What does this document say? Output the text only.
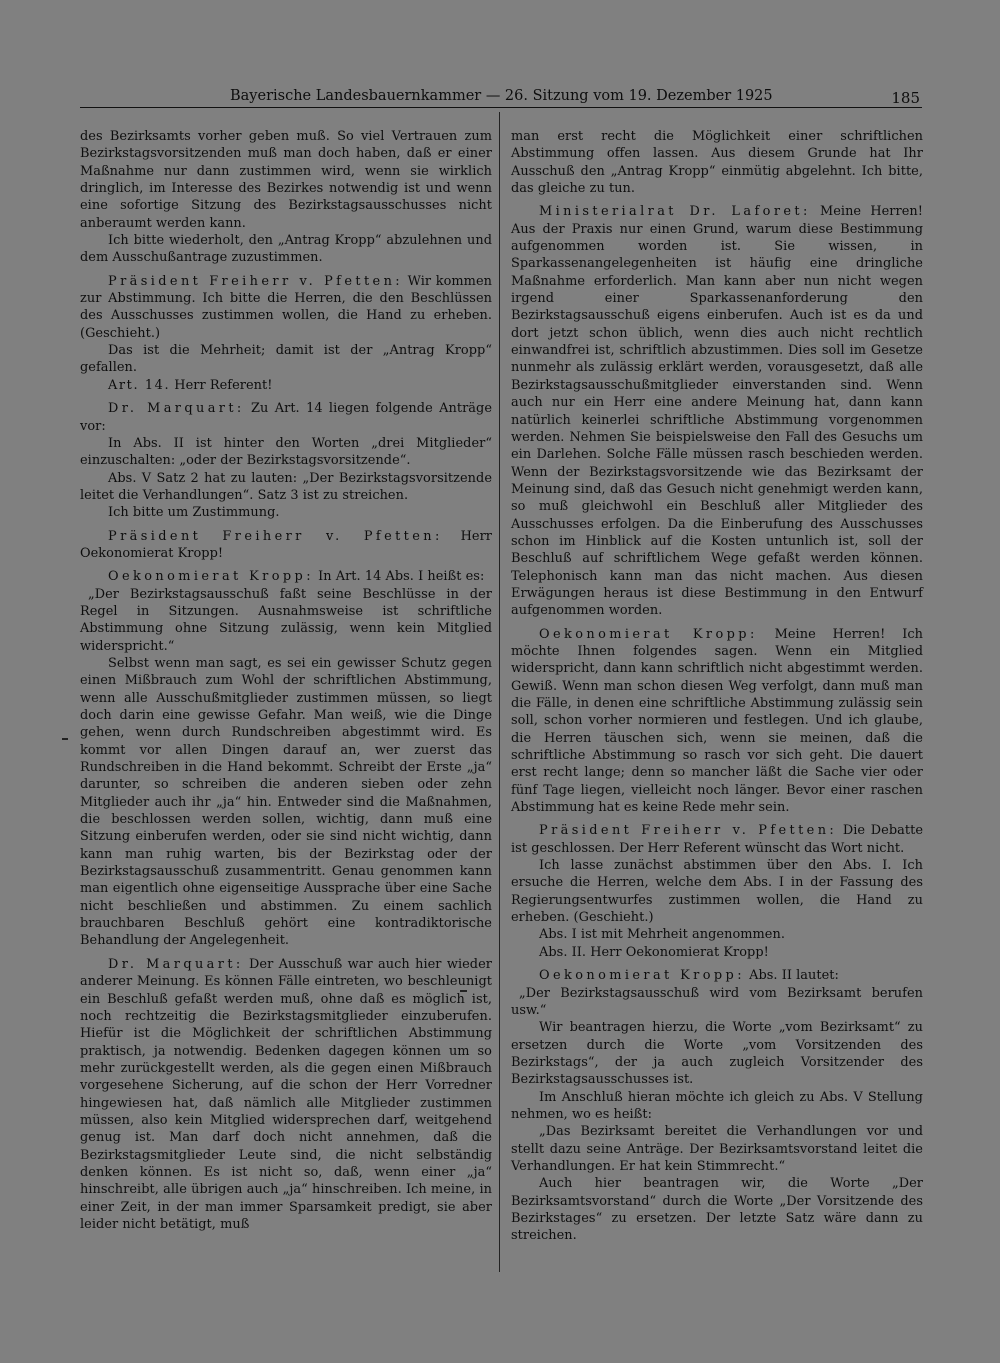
Bayerische Landesbauernkammer — 26. Sitzung vom 19. Dezember 1925	185

des Bezirksamts vorher geben muß. So viel Vertrauen zum Bezirkstagsvorsitzenden muß man doch haben, daß er einer Maßnahme nur dann zustimmen wird, wenn sie wirklich dringlich, im Interesse des Bezirkes notwendig ist und wenn eine sofortige Sitzung des Bezirkstagsausschusses nicht anberaumt werden kann.

Ich bitte wiederholt, den „Antrag Kropp“ abzulehnen und dem Ausschußantrage zuzustimmen.

Präsident Freiherr v. Pfetten: Wir kommen zur Abstimmung. Ich bitte die Herren, die den Beschlüssen des Ausschusses zustimmen wollen, die Hand zu erheben. (Geschieht.)

Das ist die Mehrheit; damit ist der „Antrag Kropp“ gefallen.

Art. 14. Herr Referent!

Dr. Marquart: Zu Art. 14 liegen folgende Anträge vor:

In Abs. II ist hinter den Worten „drei Mitglieder“ einzuschalten: „oder der Bezirkstagsvorsitzende“.

Abs. V Satz 2 hat zu lauten: „Der Bezirkstagsvorsitzende leitet die Verhandlungen“. Satz 3 ist zu streichen.

Ich bitte um Zustimmung.

Präsident Freiherr v. Pfetten: Herr Oekonomierat Kropp!

Oekonomierat Kropp: In Art. 14 Abs. I heißt es:

„Der Bezirkstagsausschuß faßt seine Beschlüsse in der Regel in Sitzungen. Ausnahmsweise ist schriftliche Abstimmung ohne Sitzung zulässig, wenn kein Mitglied widerspricht.“

Selbst wenn man sagt, es sei ein gewisser Schutz gegen einen Mißbrauch zum Wohl der schriftlichen Abstimmung, wenn alle Ausschußmitglieder zustimmen müssen, so liegt doch darin eine gewisse Gefahr. Man weiß, wie die Dinge gehen, wenn durch Rundschreiben abgestimmt wird. Es kommt vor allen Dingen darauf an, wer zuerst das Rundschreiben in die Hand bekommt. Schreibt der Erste „ja“ darunter, so schreiben die anderen sieben oder zehn Mitglieder auch ihr „ja“ hin. Entweder sind die Maßnahmen, die beschlossen werden sollen, wichtig, dann muß eine Sitzung einberufen werden, oder sie sind nicht wichtig, dann kann man ruhig warten, bis der Bezirkstag oder der Bezirkstagsausschuß zusammentritt. Genau genommen kann man eigentlich ohne eigenseitige Aussprache über eine Sache nicht beschließen und abstimmen. Zu einem sachlich brauchbaren Beschluß gehört eine kontradiktorische Behandlung der Angelegenheit.

Dr. Marquart: Der Ausschuß war auch hier wieder anderer Meinung. Es können Fälle eintreten, wo beschleunigt ein Beschluß gefaßt werden muß, ohne daß es möglich ist, noch rechtzeitig die Bezirkstagsmitglieder einzuberufen. Hiefür ist die Möglichkeit der schriftlichen Abstimmung praktisch, ja notwendig. Bedenken dagegen können um so mehr zurückgestellt werden, als die gegen einen Mißbrauch vorgesehene Sicherung, auf die schon der Herr Vorredner hingewiesen hat, daß nämlich alle Mitglieder zustimmen müssen, also kein Mitglied widersprechen darf, weitgehend genug ist. Man darf doch nicht annehmen, daß die Bezirkstagsmitglieder Leute sind, die nicht selbständig denken können. Es ist nicht so, daß, wenn einer „ja“ hinschreibt, alle übrigen auch „ja“ hinschreiben. Ich meine, in einer Zeit, in der man immer Sparsamkeit predigt, sie aber leider nicht betätigt, muß

man erst recht die Möglichkeit einer schriftlichen Abstimmung offen lassen. Aus diesem Grunde hat Ihr Ausschuß den „Antrag Kropp“ einmütig abgelehnt. Ich bitte, das gleiche zu tun.

Ministerialrat Dr. Laforet: Meine Herren! Aus der Praxis nur einen Grund, warum diese Bestimmung aufgenommen worden ist. Sie wissen, in Sparkassenangelegenheiten ist häufig eine dringliche Maßnahme erforderlich. Man kann aber nun nicht wegen irgend einer Sparkassenanforderung den Bezirkstagsausschuß eigens einberufen. Auch ist es da und dort jetzt schon üblich, wenn dies auch nicht rechtlich einwandfrei ist, schriftlich abzustimmen. Dies soll im Gesetze nunmehr als zulässig erklärt werden, vorausgesetzt, daß alle Bezirkstagsausschußmitglieder einverstanden sind. Wenn auch nur ein Herr eine andere Meinung hat, dann kann natürlich keinerlei schriftliche Abstimmung vorgenommen werden. Nehmen Sie beispielsweise den Fall des Gesuchs um ein Darlehen. Solche Fälle müssen rasch beschieden werden. Wenn der Bezirkstagsvorsitzende wie das Bezirksamt der Meinung sind, daß das Gesuch nicht genehmigt werden kann, so muß gleichwohl ein Beschluß aller Mitglieder des Ausschusses erfolgen. Da die Einberufung des Ausschusses schon im Hinblick auf die Kosten untunlich ist, soll der Beschluß auf schriftlichem Wege gefaßt werden können. Telephonisch kann man das nicht machen. Aus diesen Erwägungen heraus ist diese Bestimmung in den Entwurf aufgenommen worden.

Oekonomierat Kropp: Meine Herren! Ich möchte Ihnen folgendes sagen. Wenn ein Mitglied widerspricht, dann kann schriftlich nicht abgestimmt werden. Gewiß. Wenn man schon diesen Weg verfolgt, dann muß man die Fälle, in denen eine schriftliche Abstimmung zulässig sein soll, schon vorher normieren und festlegen. Und ich glaube, die Herren täuschen sich, wenn sie meinen, daß die schriftliche Abstimmung so rasch vor sich geht. Die dauert erst recht lange; denn so mancher läßt die Sache vier oder fünf Tage liegen, vielleicht noch länger. Bevor einer raschen Abstimmung hat es keine Rede mehr sein.

Präsident Freiherr v. Pfetten: Die Debatte ist geschlossen. Der Herr Referent wünscht das Wort nicht.

Ich lasse zunächst abstimmen über den Abs. I. Ich ersuche die Herren, welche dem Abs. I in der Fassung des Regierungsentwurfes zustimmen wollen, die Hand zu erheben. (Geschieht.)

Abs. I ist mit Mehrheit angenommen.

Abs. II. Herr Oekonomierat Kropp!

Oekonomierat Kropp: Abs. II lautet:

„Der Bezirkstagsausschuß wird vom Bezirksamt berufen usw.“

Wir beantragen hierzu, die Worte „vom Bezirksamt“ zu ersetzen durch die Worte „vom Vorsitzenden des Bezirkstags“, der ja auch zugleich Vorsitzender des Bezirkstagsausschusses ist.

Im Anschluß hieran möchte ich gleich zu Abs. V Stellung nehmen, wo es heißt:

„Das Bezirksamt bereitet die Verhandlungen vor und stellt dazu seine Anträge. Der Bezirksamtsvorstand leitet die Verhandlungen. Er hat kein Stimmrecht.“

Auch hier beantragen wir, die Worte „Der Bezirksamtsvorstand“ durch die Worte „Der Vorsitzende des Bezirkstages“ zu ersetzen. Der letzte Satz wäre dann zu streichen.
